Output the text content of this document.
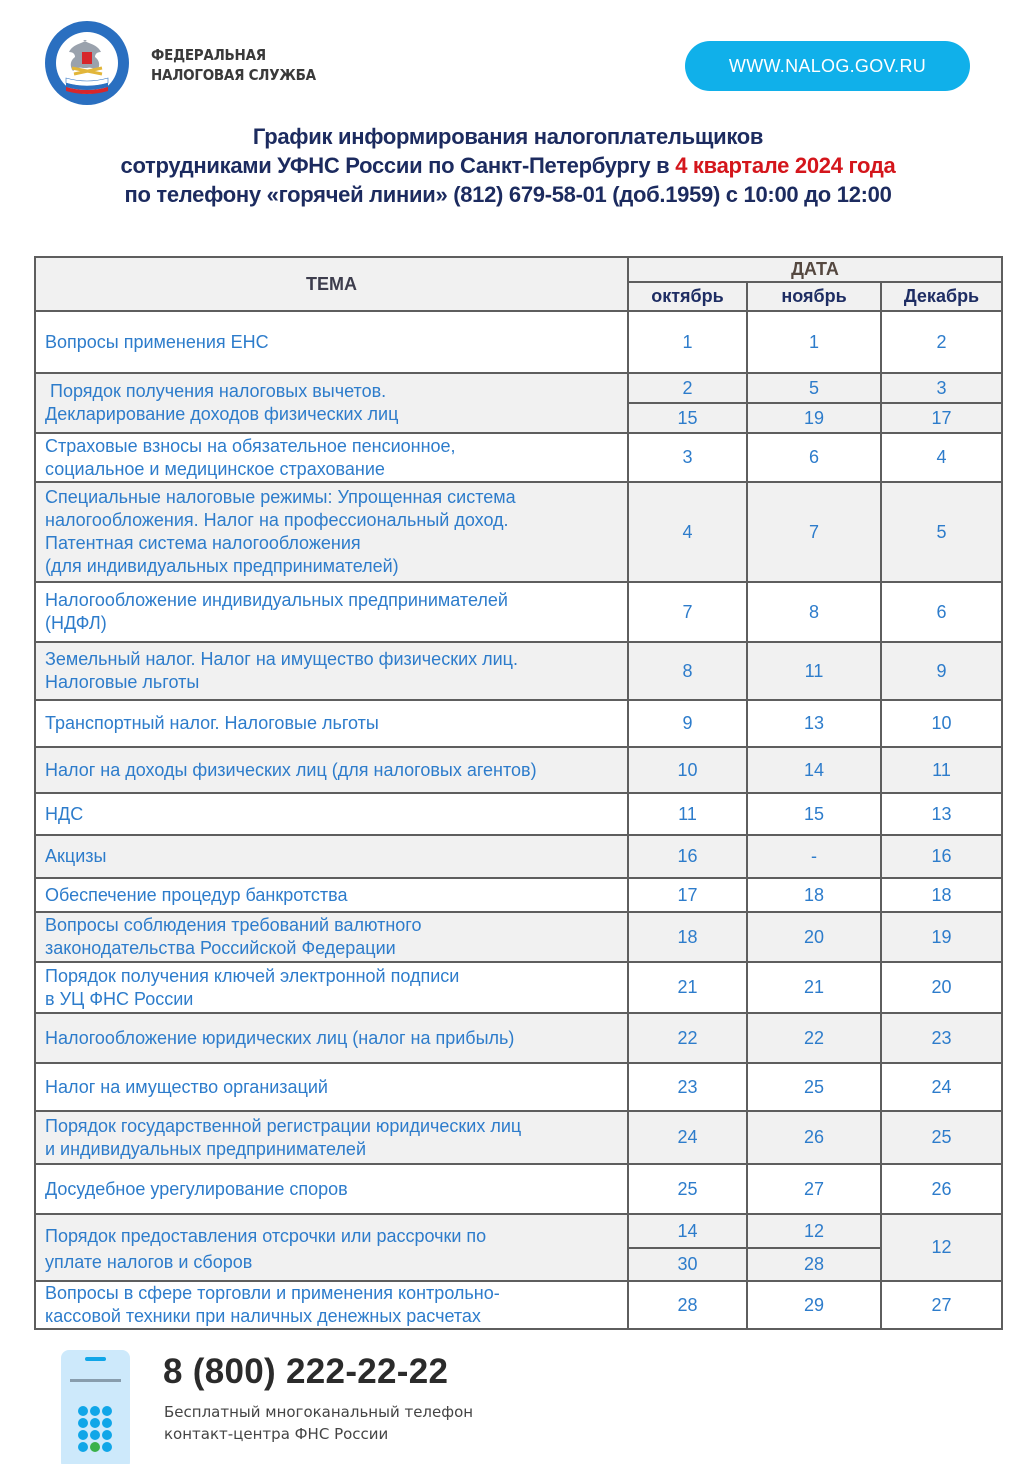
ФЕДЕРАЛЬНАЯ
НАЛОГОВАЯ СЛУЖБА	WWW.NALOG.GOV.RU
График информирования налогоплательщиков
сотрудниками УФНС России по Санкт-Петербургу в 4 квартале 2024 года
по телефону «горячей линии» (812) 679-58-01 (доб.1959) с 10:00 до 12:00
ТЕМА	ДАТА
октябрь	ноябрь	Декабрь
Вопросы применения ЕНС	1	1	2

Порядок получения налоговых вычетов.
Декларирование доходов физических лиц
	2	5	3
15	19	17

Страховые взносы на обязательное пенсионное,
социальное и медицинское страхование
	3	6	4

Специальные налоговые режимы: Упрощенная система
налогообложения. Налог на профессиональный доход.
Патентная система налогообложения
(для индивидуальных предпринимателей)
	4	7	5

Налогообложение индивидуальных предпринимателей
(НДФЛ)
	7	8	6

Земельный налог. Налог на имущество физических лиц.
Налоговые льготы
	8	11	9
Транспортный налог. Налоговые льготы	9	13	10
Налог на доходы физических лиц (для налоговых агентов)	10	14	11
НДС	11	15	13
Акцизы	16	-	16
Обеспечение процедур банкротства	17	18	18

Вопросы соблюдения требований валютного
законодательства Российской Федерации
	18	20	19

Порядок получения ключей электронной подписи
в УЦ ФНС России
	21	21	20
Налогообложение юридических лиц (налог на прибыль)	22	22	23
Налог на имущество организаций	23	25	24

Порядок государственной регистрации юридических лиц
и индивидуальных предпринимателей
	24	26	25
Досудебное урегулирование споров	25	27	26

Порядок предоставления отсрочки или рассрочки по
уплате налогов и сборов
	14	12	12
30	28

Вопросы в сфере торговли и применения контрольно-
кассовой техники при наличных денежных расчетах
	28	29	27
8 (800) 222-22-22
Бесплатный многоканальный телефон
контакт-центра ФНС России
